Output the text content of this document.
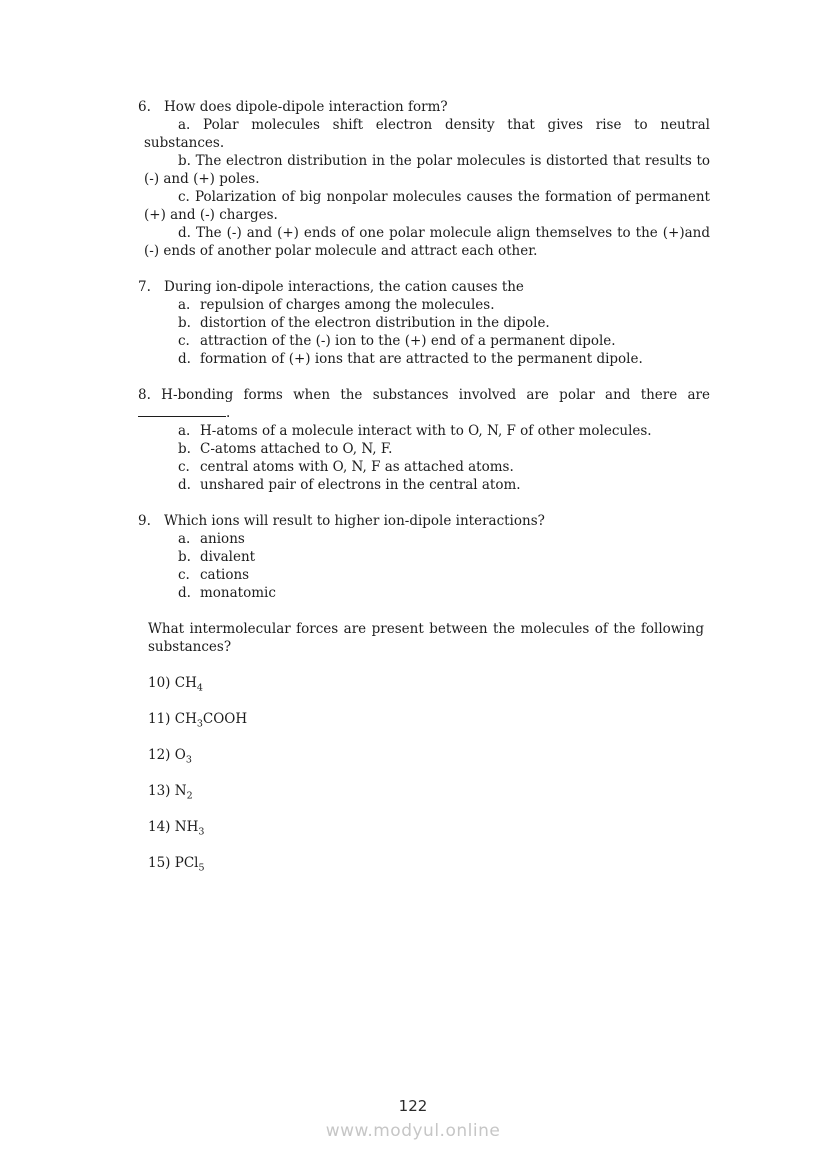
6. How does dipole-dipole interaction form?

a. Polar molecules shift electron density that gives rise to neutral substances.

b. The electron distribution in the polar molecules is distorted that results to (-) and (+) poles.

c. Polarization of big nonpolar molecules causes the formation of permanent (+) and (-) charges.

d. The (-) and (+) ends of one polar molecule align themselves to the (+)and (-) ends of another polar molecule and attract each other.

7. During ion-dipole interactions, the cation causes the
a. repulsion of charges among the molecules.
b. distortion of the electron distribution in the dipole.
c. attraction of the (-) ion to the (+) end of a permanent dipole.
d. formation of (+) ions that are attracted to the permanent dipole.
8. H-bonding forms when the substances involved are polar and there are
.
a. H-atoms of a molecule interact with to O, N, F of other molecules.
b. C-atoms attached to O, N, F.
c. central atoms with O, N, F as attached atoms.
d. unshared pair of electrons in the central atom.
9. Which ions will result to higher ion-dipole interactions?
a. anions
b. divalent
c. cations
d. monatomic

What intermolecular forces are present between the molecules of the following substances?

10) $CH_4$
11) $CH_3COOH$
12) $O_3$
13) $N_2$
14) $NH_3$
15) PCl$_5$
122
www.modyul.online
